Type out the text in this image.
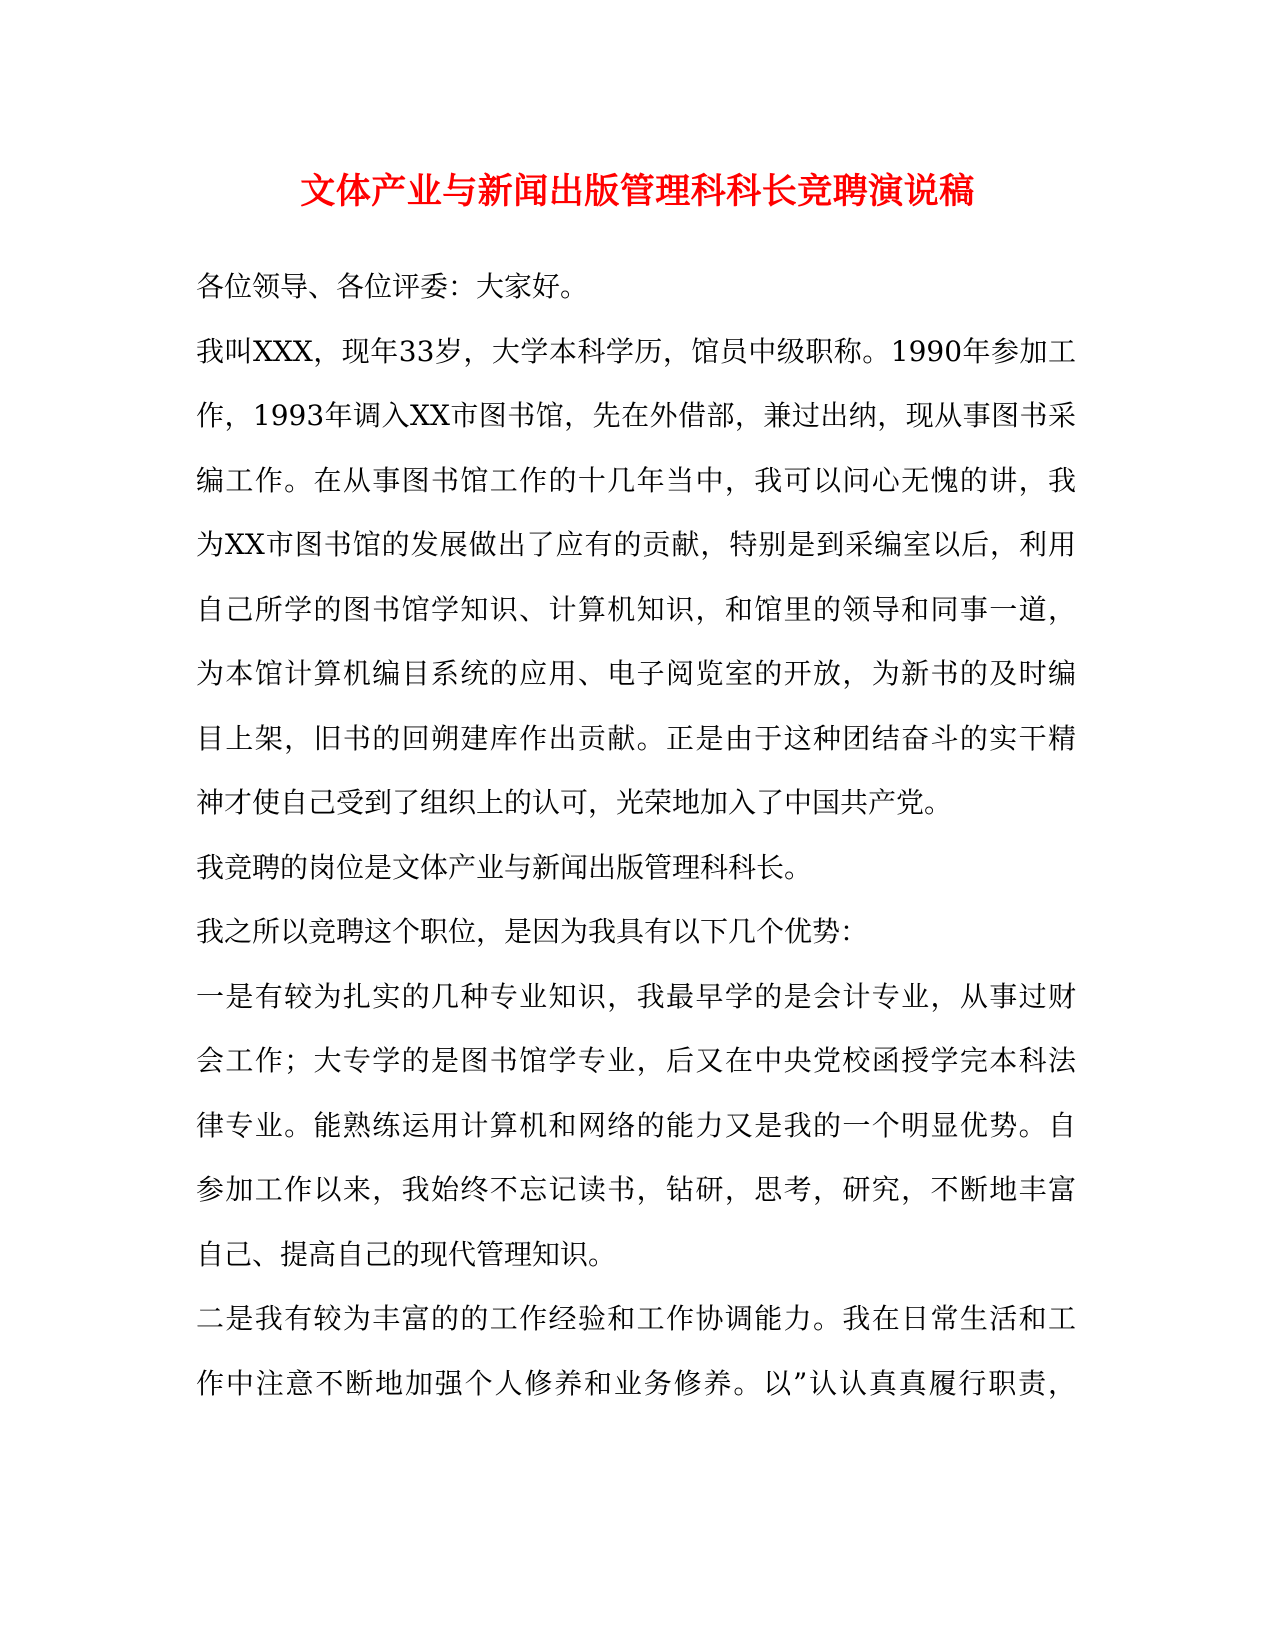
文体产业与新闻出版管理科科长竞聘演说稿
各位领导、各位评委：大家好。
我叫XXX，现年33岁，大学本科学历，馆员中级职称。1990年参加工
作，1993年调入XX市图书馆，先在外借部，兼过出纳，现从事图书采
编工作。在从事图书馆工作的十几年当中，我可以问心无愧的讲，我
为XX市图书馆的发展做出了应有的贡献，特别是到采编室以后，利用
自己所学的图书馆学知识、计算机知识，和馆里的领导和同事一道，
为本馆计算机编目系统的应用、电子阅览室的开放，为新书的及时编
目上架，旧书的回朔建库作出贡献。正是由于这种团结奋斗的实干精
神才使自己受到了组织上的认可，光荣地加入了中国共产党。
我竞聘的岗位是文体产业与新闻出版管理科科长。
我之所以竞聘这个职位，是因为我具有以下几个优势：
一是有较为扎实的几种专业知识，我最早学的是会计专业，从事过财
会工作；大专学的是图书馆学专业，后又在中央党校函授学完本科法
律专业。能熟练运用计算机和网络的能力又是我的一个明显优势。自
参加工作以来，我始终不忘记读书，钻研，思考，研究，不断地丰富
自己、提高自己的现代管理知识。
二是我有较为丰富的的工作经验和工作协调能力。我在日常生活和工
作中注意不断地加强个人修养和业务修养。以”认认真真履行职责，
